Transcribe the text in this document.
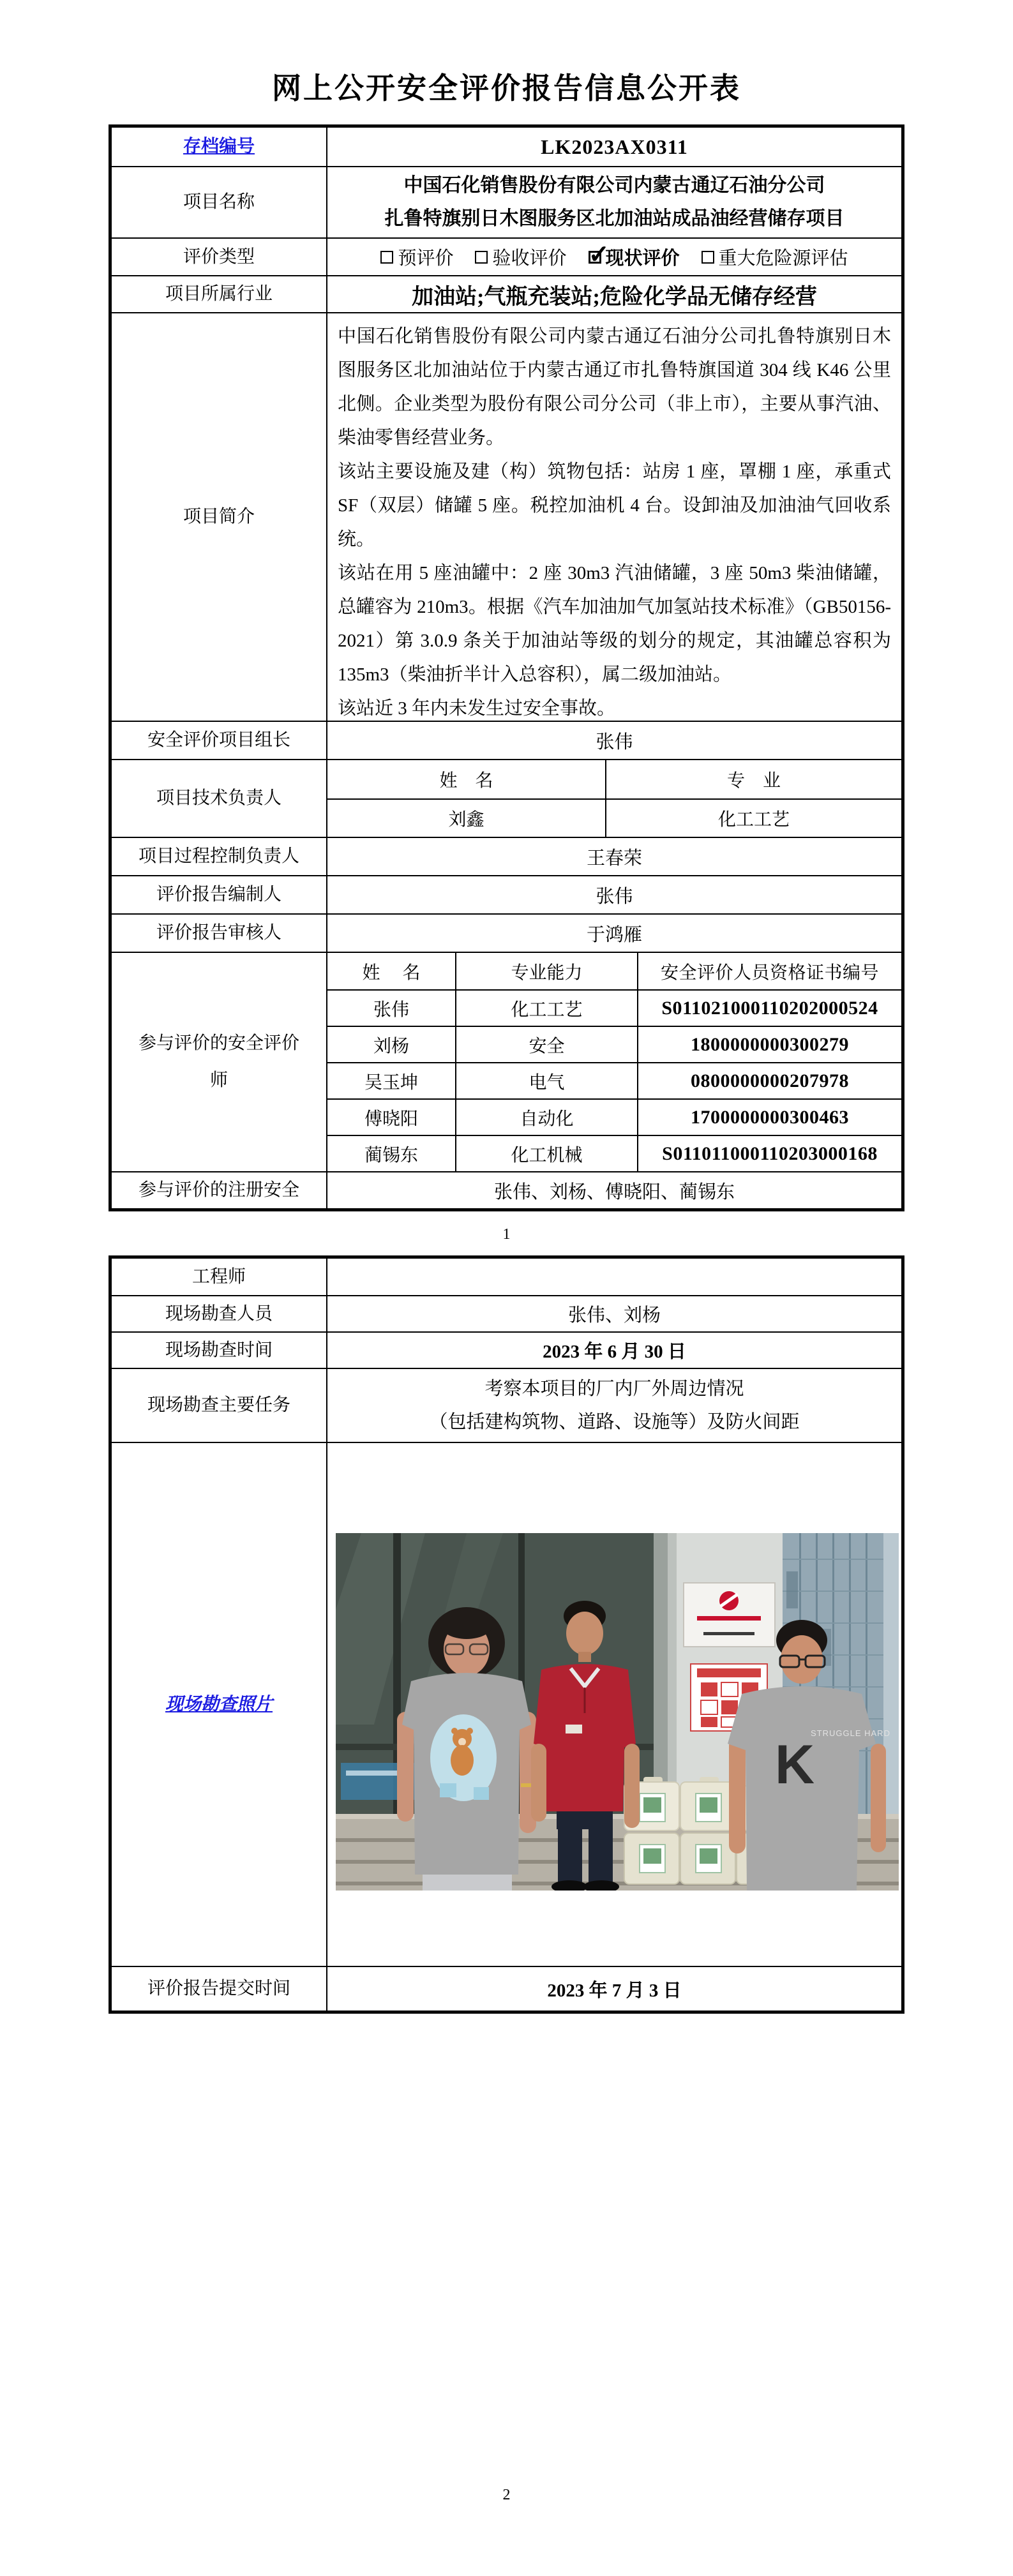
网上公开安全评价报告信息公开表
存档编号	LK2023AX0311
项目名称
中国石化销售股份有限公司内蒙古通辽石油分公司
扎鲁特旗别日木图服务区北加油站成品油经营储存项目
评价类型	预评价 验收评价 ✓ 现状评价 重大危险源评估
项目所属行业	加油站;气瓶充装站;危险化学品无储存经营
项目简介

中国石化销售股份有限公司内蒙古通辽石油分公司扎鲁特旗别日木图服务区北加油站位于内蒙古通辽市扎鲁特旗国道 304 线 K46 公里北侧。企业类型为股份有限公司分公司（非上市），主要从事汽油、柴油零售经营业务。

该站主要设施及建（构）筑物包括：站房 1 座，罩棚 1 座，承重式 SF（双层）储罐 5 座。税控加油机 4 台。设卸油及加油油气回收系统。

该站在用 5 座油罐中：2 座 30m3 汽油储罐，3 座 50m3 柴油储罐，总罐容为 210m3。根据《汽车加油加气加氢站技术标准》（GB50156-2021）第 3.0.9 条关于加油站等级的划分的规定，其油罐总容积为 135m3（柴油折半计入总容积），属二级加油站。

该站近 3 年内未发生过安全事故。

安全评价项目组长	张伟
项目技术负责人
姓　名	专　业
刘鑫	化工工艺
项目过程控制负责人	王春荣
评价报告编制人	张伟
评价报告审核人	于鸿雁
参与评价的安全评价
师
姓　 名	专业能力	安全评价人员资格证书编号
张伟	化工工艺	S011021000110202000524
刘杨	安全	1800000000300279
吴玉坤	电气	0800000000207978
傅晓阳	自动化	1700000000300463
蔺锡东	化工机械	S011011000110203000168
参与评价的注册安全	张伟、刘杨、傅晓阳、蔺锡东
1
工程师
现场勘查人员	张伟、刘杨
现场勘查时间	2023 年 6 月 30 日
现场勘查主要任务
考察本项目的厂内厂外周边情况
（包括建构筑物、道路、设施等）及防火间距
现场勘查照片
K
STRUGGLE HARD
评价报告提交时间	2023 年 7 月 3 日
2
